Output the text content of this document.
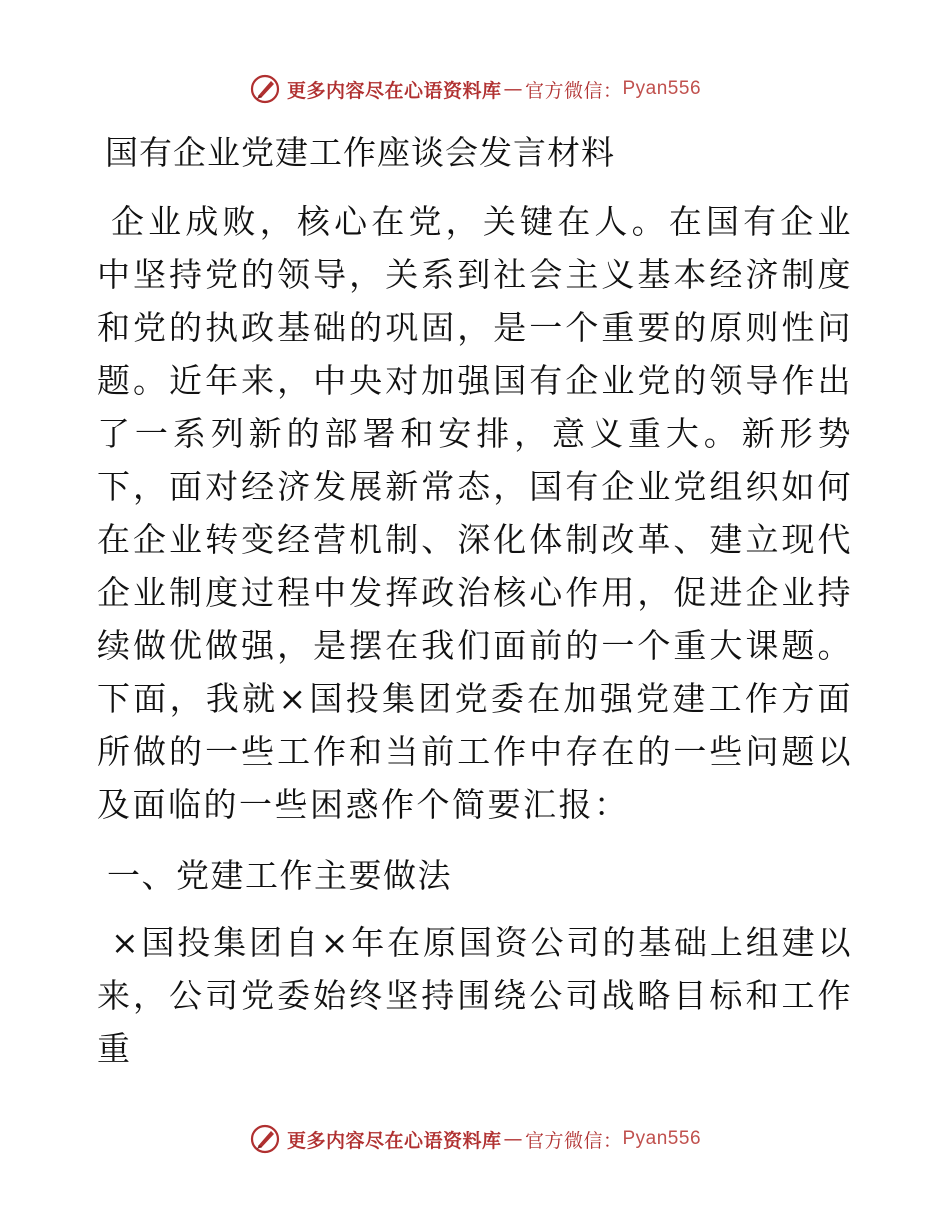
更多内容尽在心语资料库 — 官方微信： Pyan556
国有企业党建工作座谈会发言材料

企业成败，核心在党，关键在人。在国有企业中坚持党的领导，关系到社会主义基本经济制度和党的执政基础的巩固，是一个重要的原则性问题。近年来，中央对加强国有企业党的领导作出了一系列新的部署和安排，意义重大。新形势下，面对经济发展新常态，国有企业党组织如何在企业转变经营机制、深化体制改革、建立现代企业制度过程中发挥政治核心作用，促进企业持续做优做强，是摆在我们面前的一个重大课题。下面，我就×国投集团党委在加强党建工作方面所做的一些工作和当前工作中存在的一些问题以及面临的一些困惑作个简要汇报：

一、党建工作主要做法

×国投集团自×年在原国资公司的基础上组建以来，公司党委始终坚持围绕公司战略目标和工作重

更多内容尽在心语资料库 — 官方微信： Pyan556
